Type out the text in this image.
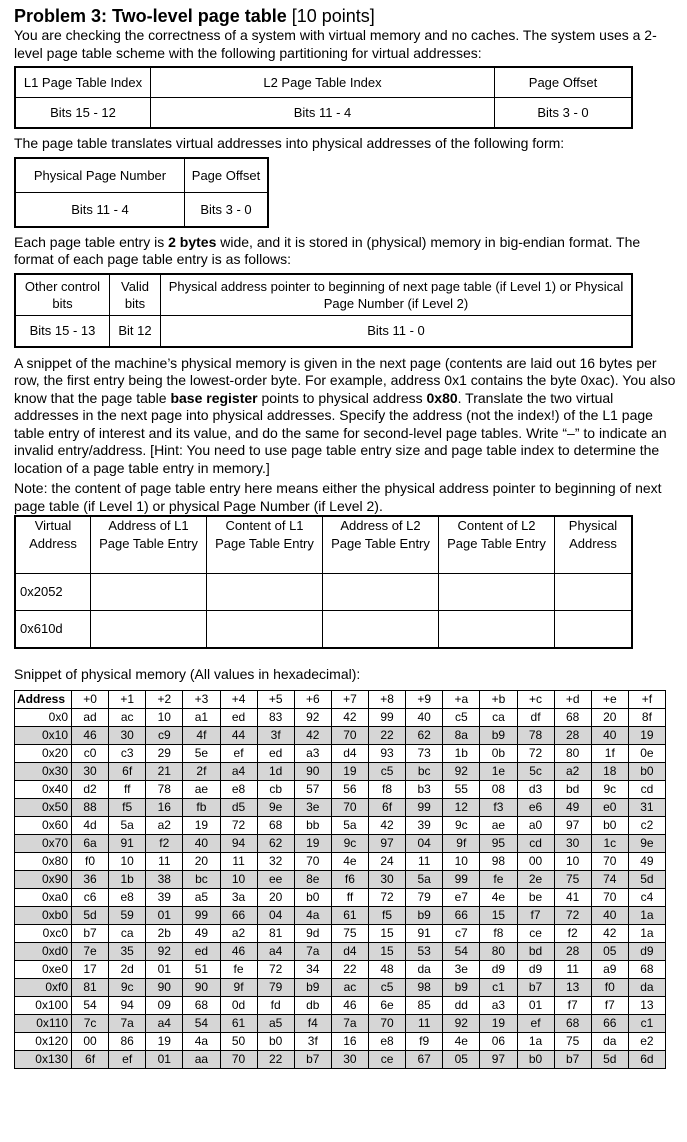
Problem 3: Two-level page table [10 points]

You are checking the correctness of a system with virtual memory and no caches. The system uses a 2-level page table scheme with the following partitioning for virtual addresses:

L1 Page Table Index	L2 Page Table Index	Page Offset
Bits 15 - 12	Bits 11 - 4	Bits 3 - 0

The page table translates virtual addresses into physical addresses of the following form:

Physical Page Number	Page Offset
Bits 11 - 4	Bits 3 - 0

Each page table entry is 2 bytes wide, and it is stored in (physical) memory in big-endian format. The format of each page table entry is as follows:

Other control bits	Valid bits	Physical address pointer to beginning of next page table (if Level 1) or Physical Page Number (if Level 2)
Bits 15 - 13	Bit 12	Bits 11 - 0

A snippet of the machine’s physical memory is given in the next page (contents are laid out 16 bytes per row, the first entry being the lowest-order byte. For example, address 0x1 contains the byte 0xac). You also know that the page table base register points to physical address 0x80. Translate the two virtual addresses in the next page into physical addresses. Specify the address (not the index!) of the L1 page table entry of interest and its value, and do the same for second-level page tables. Write “–” to indicate an invalid entry/address. [Hint: You need to use page table entry size and page table index to determine the location of a page table entry in memory.]

Note: the content of page table entry here means either the physical address pointer to beginning of next page table (if Level 1) or physical Page Number (if Level 2).

Virtual Address	Address of L1 Page Table Entry	Content of L1 Page Table Entry	Address of L2 Page Table Entry	Content of L2 Page Table Entry	Physical Address
0x2052					
0x610d					

Snippet of physical memory (All values in hexadecimal):

Address	+0	+1	+2	+3	+4	+5	+6	+7	+8	+9	+a	+b	+c	+d	+e	+f
0x0	ad	ac	10	a1	ed	83	92	42	99	40	c5	ca	df	68	20	8f
0x10	46	30	c9	4f	44	3f	42	70	22	62	8a	b9	78	28	40	19
0x20	c0	c3	29	5e	ef	ed	a3	d4	93	73	1b	0b	72	80	1f	0e
0x30	30	6f	21	2f	a4	1d	90	19	c5	bc	92	1e	5c	a2	18	b0
0x40	d2	ff	78	ae	e8	cb	57	56	f8	b3	55	08	d3	bd	9c	cd
0x50	88	f5	16	fb	d5	9e	3e	70	6f	99	12	f3	e6	49	e0	31
0x60	4d	5a	a2	19	72	68	bb	5a	42	39	9c	ae	a0	97	b0	c2
0x70	6a	91	f2	40	94	62	19	9c	97	04	9f	95	cd	30	1c	9e
0x80	f0	10	11	20	11	32	70	4e	24	11	10	98	00	10	70	49
0x90	36	1b	38	bc	10	ee	8e	f6	30	5a	99	fe	2e	75	74	5d
0xa0	c6	e8	39	a5	3a	20	b0	ff	72	79	e7	4e	be	41	70	c4
0xb0	5d	59	01	99	66	04	4a	61	f5	b9	66	15	f7	72	40	1a
0xc0	b7	ca	2b	49	a2	81	9d	75	15	91	c7	f8	ce	f2	42	1a
0xd0	7e	35	92	ed	46	a4	7a	d4	15	53	54	80	bd	28	05	d9
0xe0	17	2d	01	51	fe	72	34	22	48	da	3e	d9	d9	11	a9	68
0xf0	81	9c	90	90	9f	79	b9	ac	c5	98	b9	c1	b7	13	f0	da
0x100	54	94	09	68	0d	fd	db	46	6e	85	dd	a3	01	f7	f7	13
0x110	7c	7a	a4	54	61	a5	f4	7a	70	11	92	19	ef	68	66	c1
0x120	00	86	19	4a	50	b0	3f	16	e8	f9	4e	06	1a	75	da	e2
0x130	6f	ef	01	aa	70	22	b7	30	ce	67	05	97	b0	b7	5d	6d
